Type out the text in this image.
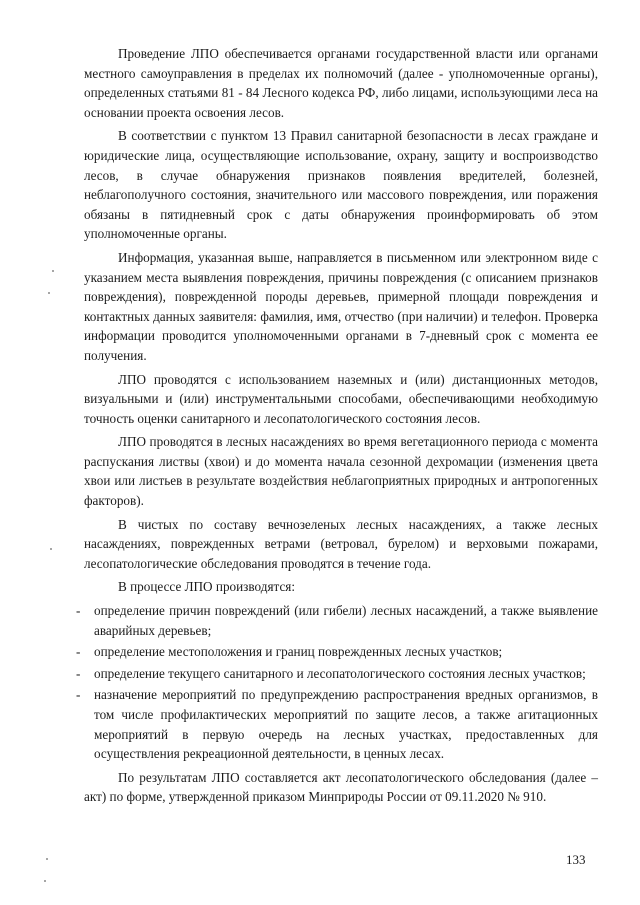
Проведение ЛПО обеспечивается органами государственной власти или органами местного самоуправления в пределах их полномочий (далее - уполномоченные органы), определенных статьями 81 - 84 Лесного кодекса РФ, либо лицами, использующими леса на основании проекта освоения лесов.

В соответствии с пунктом 13 Правил санитарной безопасности в лесах граждане и юридические лица, осуществляющие использование, охрану, защиту и воспроизводство лесов, в случае обнаружения признаков появления вредителей, болезней, неблагополучного состояния, значительного или массового повреждения, или поражения обязаны в пятидневный срок с даты обнаружения проинформировать об этом уполномоченные органы.

Информация, указанная выше, направляется в письменном или электронном виде с указанием места выявления повреждения, причины повреждения (с описанием признаков повреждения), поврежденной породы деревьев, примерной площади повреждения и контактных данных заявителя: фамилия, имя, отчество (при наличии) и телефон. Проверка информации проводится уполномоченными органами в 7-дневный срок с момента ее получения.

ЛПО проводятся с использованием наземных и (или) дистанционных методов, визуальными и (или) инструментальными способами, обеспечивающими необходимую точность оценки санитарного и лесопатологического состояния лесов.

ЛПО проводятся в лесных насаждениях во время вегетационного периода с момента распускания листвы (хвои) и до момента начала сезонной дехромации (изменения цвета хвои или листьев в результате воздействия неблагоприятных природных и антропогенных факторов).

В чистых по составу вечнозеленых лесных насаждениях, а также лесных насаждениях, поврежденных ветрами (ветровал, бурелом) и верховыми пожарами, лесопатологические обследования проводятся в течение года.

В процессе ЛПО производятся:

- определение причин повреждений (или гибели) лесных насаждений, а также выявление аварийных деревьев;
- определение местоположения и границ поврежденных лесных участков;
- определение текущего санитарного и лесопатологического состояния лесных участков;
- назначение мероприятий по предупреждению распространения вредных организмов, в том числе профилактических мероприятий по защите лесов, а также агитационных мероприятий в первую очередь на лесных участках, предоставленных для осуществления рекреационной деятельности, в ценных лесах.

По результатам ЛПО составляется акт лесопатологического обследования (далее – акт) по форме, утвержденной приказом Минприроды России от 09.11.2020 № 910.

133
